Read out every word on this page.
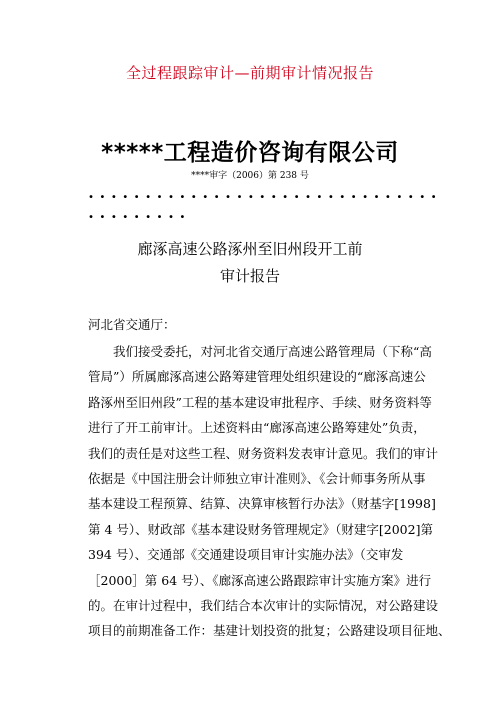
全过程跟踪审计—前期审计情况报告
*****工程造价咨询有限公司
****审字（2006）第 238 号
∙∙∙∙∙∙∙∙∙∙∙∙∙∙∙∙∙∙∙∙∙∙∙∙∙∙∙∙∙∙∙
∙∙∙∙∙∙∙∙∙
廊涿高速公路涿州至旧州段开工前
审计报告
河北省交通厅：
　　我们接受委托，对河北省交通厅高速公路管理局（下称“高
管局”）所属廊涿高速公路筹建管理处组织建设的“廊涿高速公
路涿州至旧州段”工程的基本建设审批程序、手续、财务资料等
进行了开工前审计。上述资料由“廊涿高速公路筹建处”负责，
我们的责任是对这些工程、财务资料发表审计意见。我们的审计
依据是《中国注册会计师独立审计准则》、《会计师事务所从事
基本建设工程预算、结算、决算审核暂行办法》（财基字[1998]
第 4 号）、财政部《基本建设财务管理规定》（财建字[2002]第
394 号）、交通部《交通建设项目审计实施办法》（交审发
［2000］第 64 号）、《廊涿高速公路跟踪审计实施方案》进行
的。在审计过程中，我们结合本次审计的实际情况，对公路建设
项目的前期准备工作：基建计划投资的批复；公路建设项目征地、
